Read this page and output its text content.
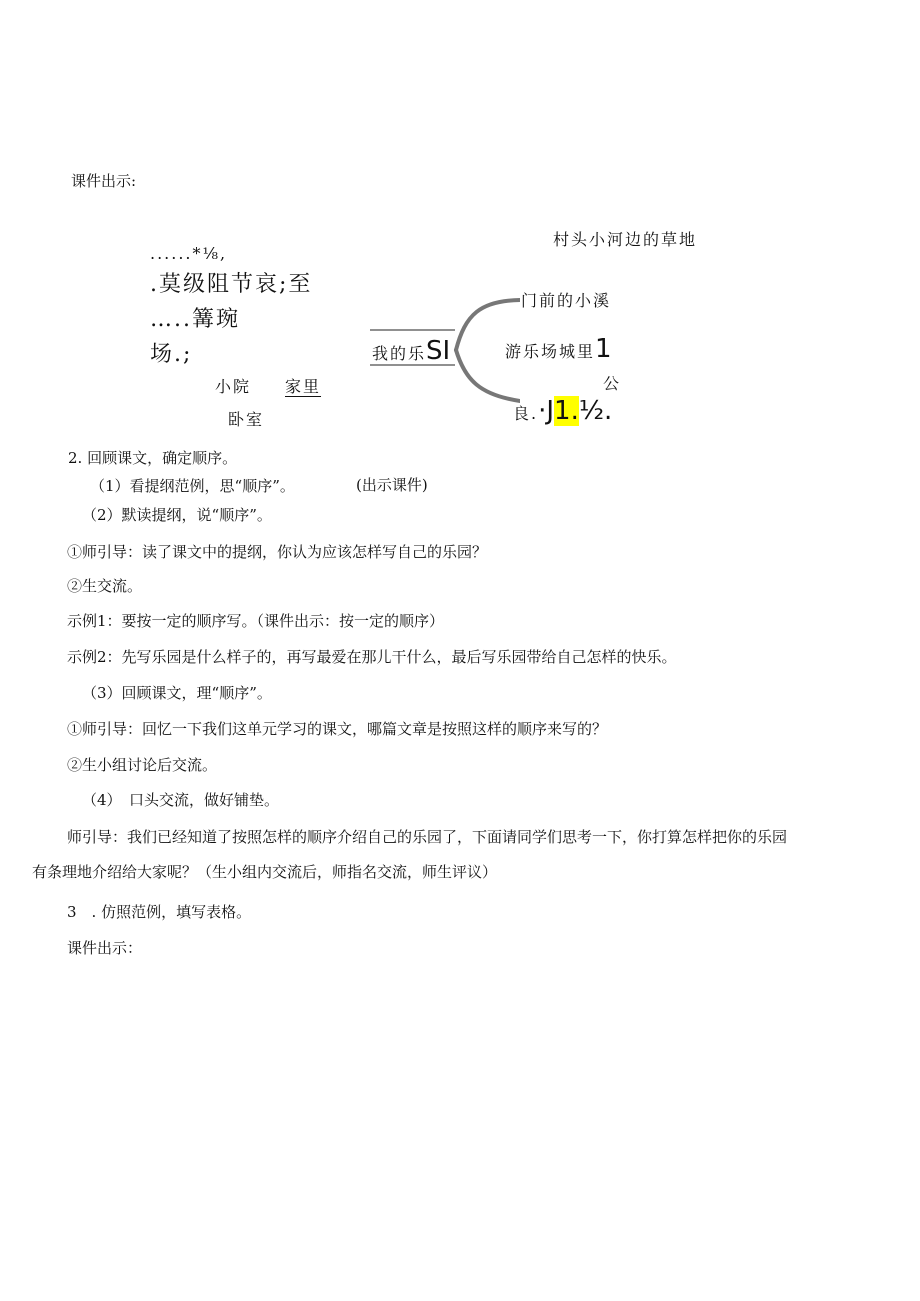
课件出示:
......*⅛,
.莫级阻节哀;至
…..篝琬
场.;
小院 家里
卧室
我的乐SI
村头小河边的草地
门前的小溪
游乐场城里1
公
良.·J1.½.
2. 回顾课文，确定顺序。
（1）看提纲范例，思“顺序”。	(出示课件)
（2）默读提纲，说“顺序”。
①师引导：读了课文中的提纲，你认为应该怎样写自己的乐园？
②生交流。
示例1：要按一定的顺序写。（课件出示：按一定的顺序）
示例2：先写乐园是什么样子的，再写最爱在那儿干什么，最后写乐园带给自己怎样的快乐。
（3）回顾课文，理“顺序”。
①师引导：回忆一下我们这单元学习的课文，哪篇文章是按照这样的顺序来写的？
②生小组讨论后交流。
（4）　口头交流，做好铺垫。
师引导：我们已经知道了按照怎样的顺序介绍自己的乐园了，下面请同学们思考一下，你打算怎样把你的乐园
有条理地介绍给大家呢？（生小组内交流后，师指名交流，师生评议）
3　. 仿照范例，填写表格。
课件出示：
